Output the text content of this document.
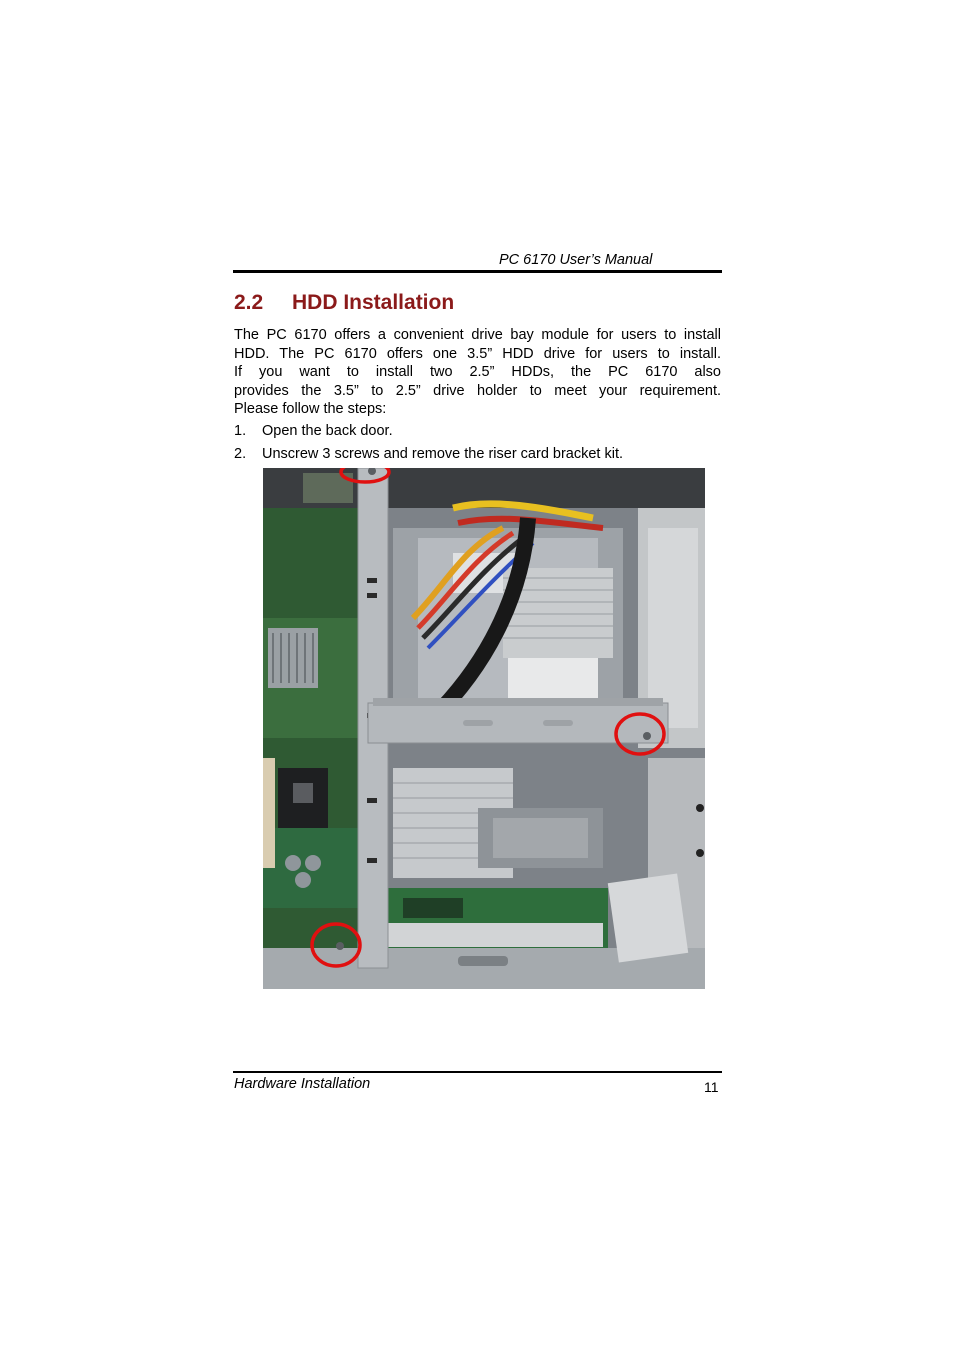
PC 6170 User’s Manual
2.2 HDD Installation
The PC 6170 offers a convenient drive bay module for users to install
HDD. The PC 6170 offers one 3.5” HDD drive for users to install.
If you want to install two 2.5” HDDs, the PC 6170 also
provides the 3.5” to 2.5” drive holder to meet your requirement.
Please follow the steps:
1. Open the back door.
2. Unscrew 3 screws and remove the riser card bracket kit.
Hardware Installation	11
